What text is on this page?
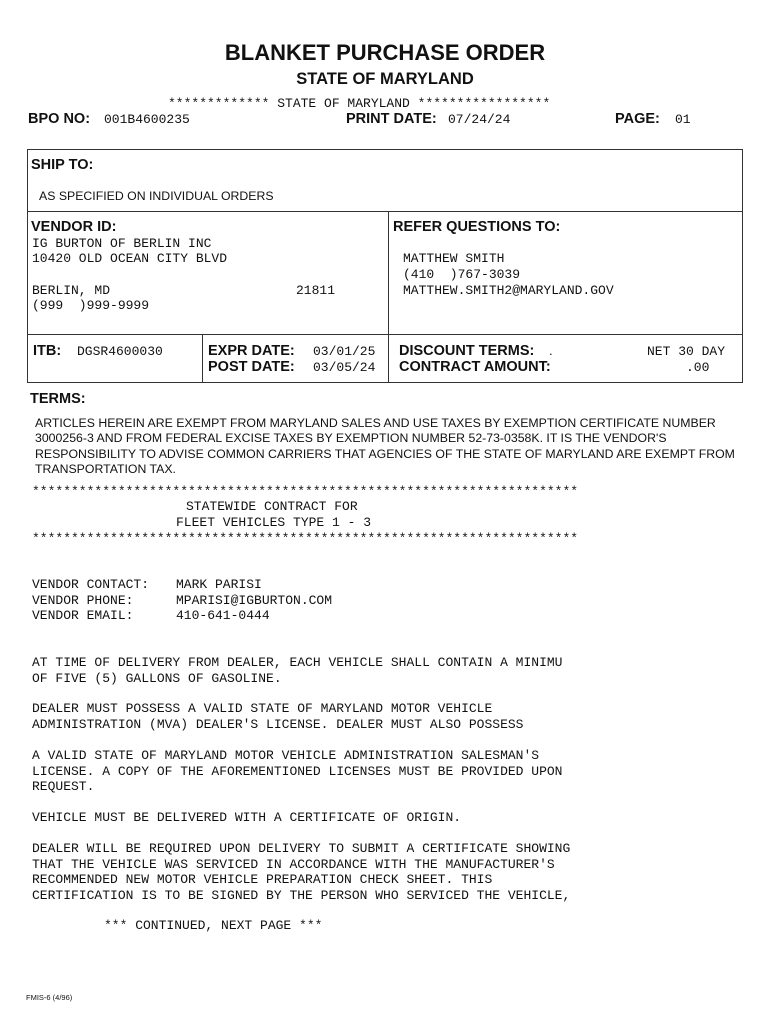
BLANKET PURCHASE ORDER
STATE OF MARYLAND
************* STATE OF MARYLAND *****************
BPO NO: 001B4600235	PRINT DATE: 07/24/24	PAGE: 01
SHIP TO:
AS SPECIFIED ON INDIVIDUAL ORDERS
VENDOR ID:
IG BURTON OF BERLIN INC
10420 OLD OCEAN CITY BLVD
BERLIN, MD	21811
(999  )999-9999
REFER QUESTIONS TO:
MATTHEW SMITH
(410  )767-3039
MATTHEW.SMITH2@MARYLAND.GOV
ITB: DGSR4600030	EXPR DATE: 03/01/25
POST DATE: 03/05/24
DISCOUNT TERMS: .	NET 30 DAY
CONTRACT AMOUNT:	.00
TERMS:
ARTICLES HEREIN ARE EXEMPT FROM MARYLAND SALES AND USE TAXES BY EXEMPTION CERTIFICATE NUMBER 3000256-3 AND FROM FEDERAL EXCISE TAXES BY EXEMPTION NUMBER 52-73-0358K. IT IS THE VENDOR'S RESPONSIBILITY TO ADVISE COMMON CARRIERS THAT AGENCIES OF THE STATE OF MARYLAND ARE EXEMPT FROM TRANSPORTATION TAX.
**********************************************************************
STATEWIDE CONTRACT FOR
FLEET VEHICLES TYPE 1 - 3
**********************************************************************
VENDOR CONTACT: MARK PARISI
VENDOR PHONE:	MPARISI@IGBURTON.COM
VENDOR EMAIL:	410-641-0444
AT TIME OF DELIVERY FROM DEALER, EACH VEHICLE SHALL CONTAIN A MINIMU
OF FIVE (5) GALLONS OF GASOLINE.
DEALER MUST POSSESS A VALID STATE OF MARYLAND MOTOR VEHICLE
ADMINISTRATION (MVA) DEALER'S LICENSE. DEALER MUST ALSO POSSESS
A VALID STATE OF MARYLAND MOTOR VEHICLE ADMINISTRATION SALESMAN'S
LICENSE. A COPY OF THE AFOREMENTIONED LICENSES MUST BE PROVIDED UPON
REQUEST.
VEHICLE MUST BE DELIVERED WITH A CERTIFICATE OF ORIGIN.
DEALER WILL BE REQUIRED UPON DELIVERY TO SUBMIT A CERTIFICATE SHOWING
THAT THE VEHICLE WAS SERVICED IN ACCORDANCE WITH THE MANUFACTURER'S
RECOMMENDED NEW MOTOR VEHICLE PREPARATION CHECK SHEET. THIS
CERTIFICATION IS TO BE SIGNED BY THE PERSON WHO SERVICED THE VEHICLE,
*** CONTINUED, NEXT PAGE ***
FMIS-6 (4/96)
